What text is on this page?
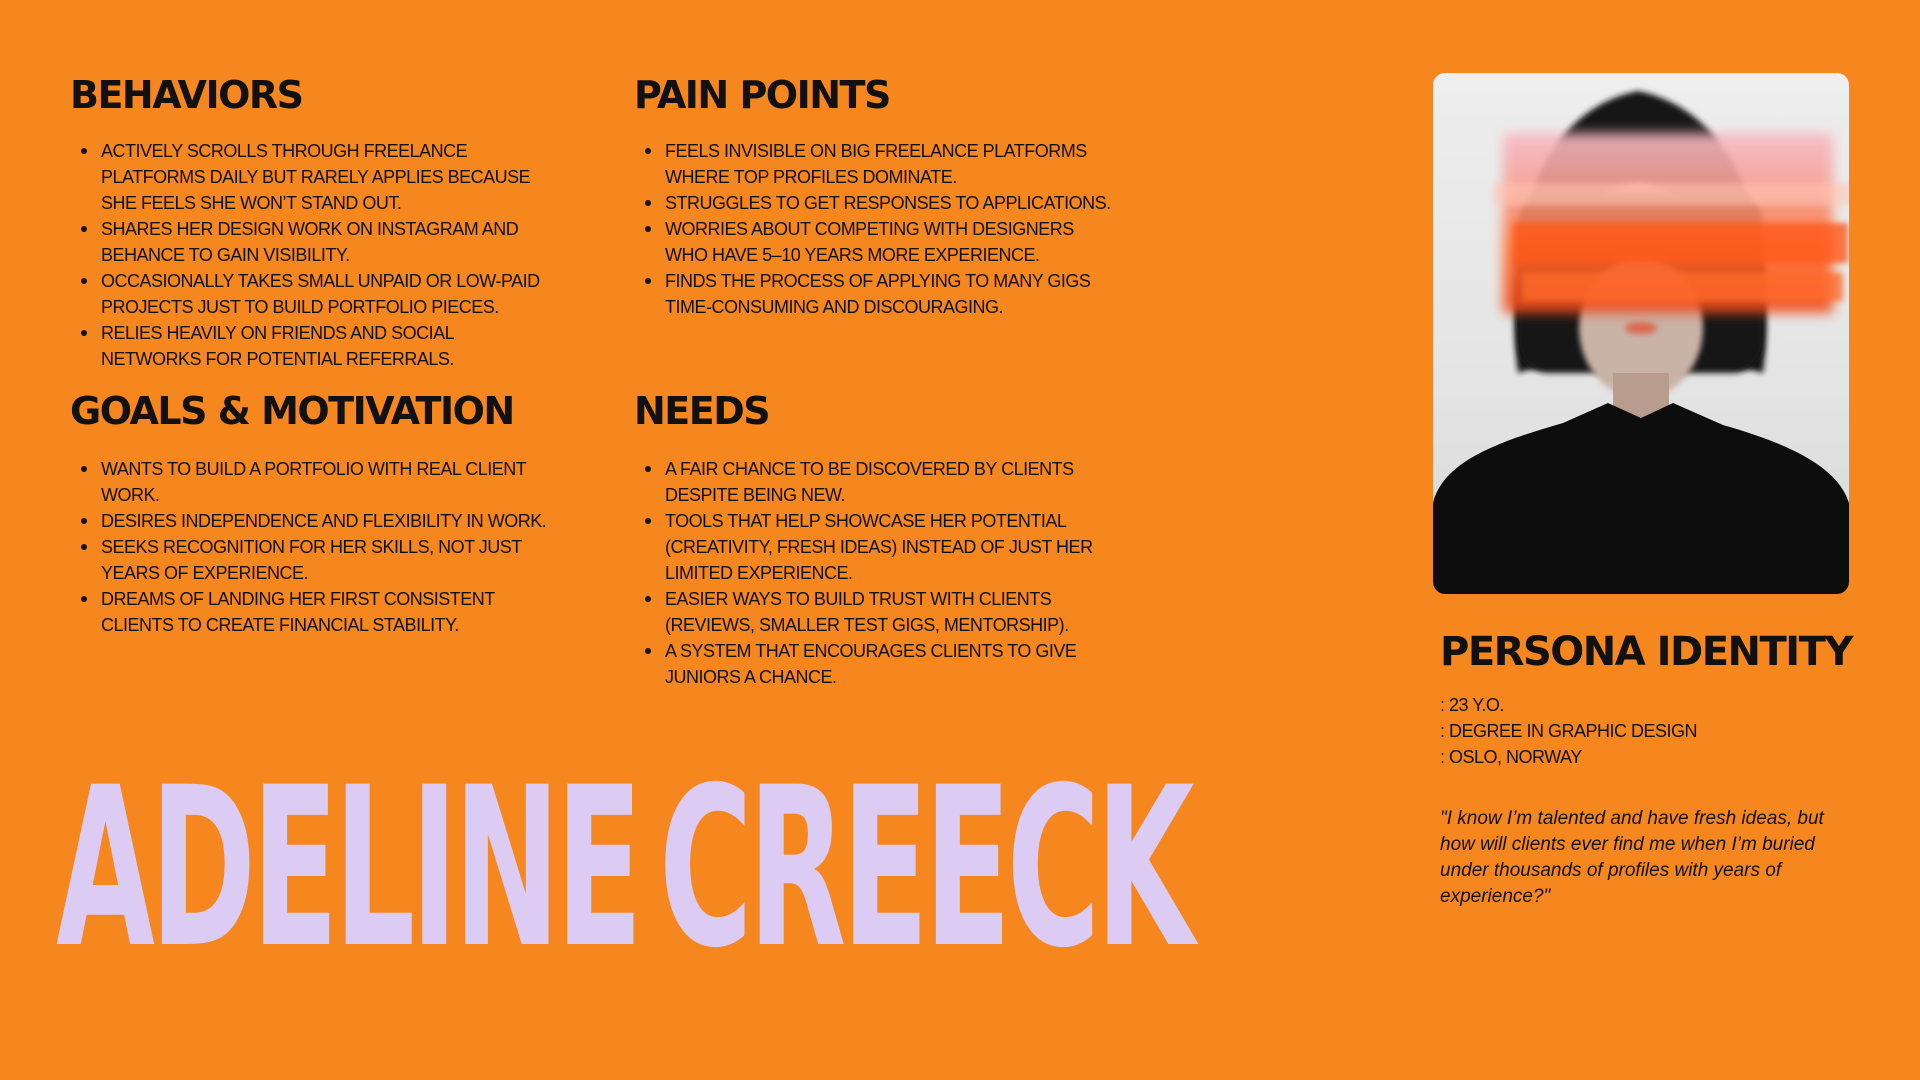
BEHAVIORS
ACTIVELY SCROLLS THROUGH FREELANCE PLATFORMS DAILY BUT RARELY APPLIES BECAUSE SHE FEELS SHE WON’T STAND OUT.
SHARES HER DESIGN WORK ON INSTAGRAM AND BEHANCE TO GAIN VISIBILITY.
OCCASIONALLY TAKES SMALL UNPAID OR LOW-PAID PROJECTS JUST TO BUILD PORTFOLIO PIECES.
RELIES HEAVILY ON FRIENDS AND SOCIAL NETWORKS FOR POTENTIAL REFERRALS.
PAIN POINTS
FEELS INVISIBLE ON BIG FREELANCE PLATFORMS WHERE TOP PROFILES DOMINATE.
STRUGGLES TO GET RESPONSES TO APPLICATIONS.
WORRIES ABOUT COMPETING WITH DESIGNERS WHO HAVE 5–10 YEARS MORE EXPERIENCE.
FINDS THE PROCESS OF APPLYING TO MANY GIGS TIME-CONSUMING AND DISCOURAGING.
GOALS & MOTIVATION
WANTS TO BUILD A PORTFOLIO WITH REAL CLIENT WORK.
DESIRES INDEPENDENCE AND FLEXIBILITY IN WORK.
SEEKS RECOGNITION FOR HER SKILLS, NOT JUST YEARS OF EXPERIENCE.
DREAMS OF LANDING HER FIRST CONSISTENT CLIENTS TO CREATE FINANCIAL STABILITY.
NEEDS
A FAIR CHANCE TO BE DISCOVERED BY CLIENTS DESPITE BEING NEW.
TOOLS THAT HELP SHOWCASE HER POTENTIAL (CREATIVITY, FRESH IDEAS) INSTEAD OF JUST HER LIMITED EXPERIENCE.
EASIER WAYS TO BUILD TRUST WITH CLIENTS (REVIEWS, SMALLER TEST GIGS, MENTORSHIP).
A SYSTEM THAT ENCOURAGES CLIENTS TO GIVE JUNIORS A CHANCE.
ADELINE CREECK
PERSONA IDENTITY
: 23 Y.O.
: DEGREE IN GRAPHIC DESIGN
: OSLO, NORWAY

"I know I’m talented and have fresh ideas, but how will clients ever find me when I’m buried under thousands of profiles with years of experience?"
